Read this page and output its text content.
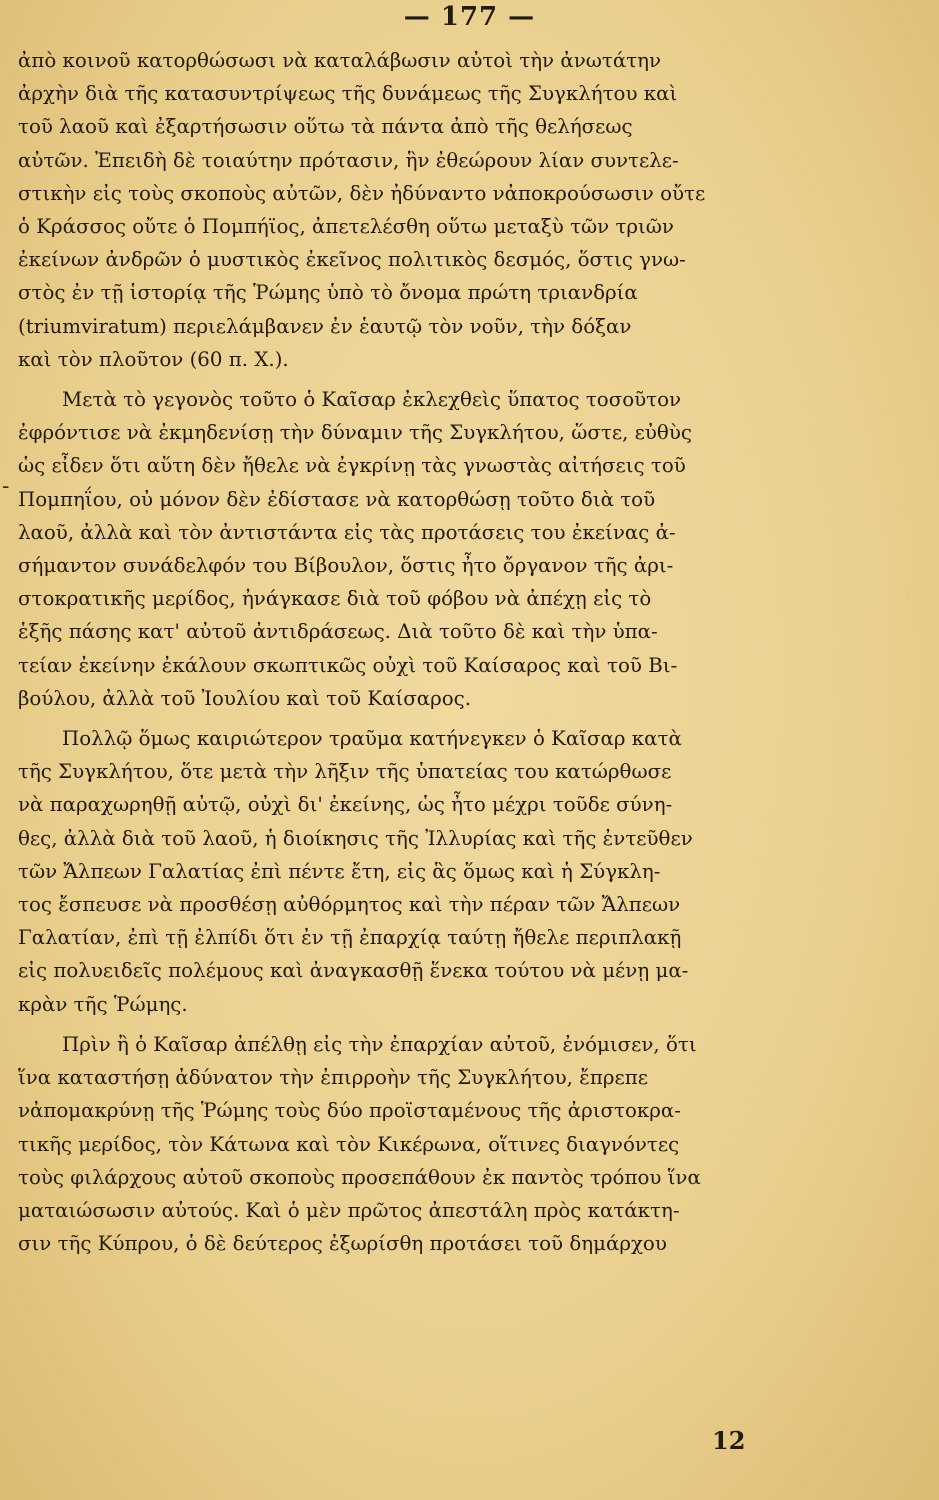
— 177 —
ἀπὸ κοινοῦ κατορθώσωσι νὰ καταλάβωσιν αὐτοὶ τὴν ἀνωτάτην
ἀρχὴν διὰ τῆς κατασυντρίψεως τῆς δυνάμεως τῆς Συγκλήτου καὶ
τοῦ λαοῦ καὶ ἐξαρτήσωσιν οὕτω τὰ πάντα ἀπὸ τῆς θελήσεως
αὐτῶν. Ἐπειδὴ δὲ τοιαύτην πρότασιν, ἣν ἐθεώρουν λίαν συντελε-
στικὴν εἰς τοὺς σκοποὺς αὐτῶν, δὲν ἠδύναντο νἀποκρούσωσιν οὔτε
ὁ Κράσσος οὔτε ὁ Πομπήϊος, ἀπετελέσθη οὕτω μεταξὺ τῶν τριῶν
ἐκείνων ἀνδρῶν ὁ μυστικὸς ἐκεῖνος πολιτικὸς δεσμός, ὅστις γνω-
στὸς ἐν τῇ ἱστορίᾳ τῆς Ῥώμης ὑπὸ τὸ ὄνομα πρώτη τριανδρία
(triumviratum) περιελάμβανεν ἐν ἑαυτῷ τὸν νοῦν, τὴν δόξαν
καὶ τὸν πλοῦτον (60 π. Χ.).
Μετὰ τὸ γεγονὸς τοῦτο ὁ Καῖσαρ ἐκλεχθεὶς ὕπατος τοσοῦτον
ἐφρόντισε νὰ ἐκμηδενίσῃ τὴν δύναμιν τῆς Συγκλήτου, ὥστε, εὐθὺς
ὡς εἶδεν ὅτι αὕτη δὲν ἤθελε νὰ ἐγκρίνῃ τὰς γνωστὰς αἰτήσεις τοῦ
Πομπηΐου, οὐ μόνον δὲν ἐδίστασε νὰ κατορθώσῃ τοῦτο διὰ τοῦ
λαοῦ, ἀλλὰ καὶ τὸν ἀντιστάντα εἰς τὰς προτάσεις του ἐκείνας ἀ-
σήμαντον συνάδελφόν του Βίβουλον, ὅστις ἦτο ὄργανον τῆς ἀρι-
στοκρατικῆς μερίδος, ἠνάγκασε διὰ τοῦ φόβου νὰ ἀπέχῃ εἰς τὸ
ἑξῆς πάσης κατ' αὐτοῦ ἀντιδράσεως. Διὰ τοῦτο δὲ καὶ τὴν ὑπα-
τείαν ἐκείνην ἐκάλουν σκωπτικῶς οὐχὶ τοῦ Καίσαρος καὶ τοῦ Βι-
βούλου, ἀλλὰ τοῦ Ἰουλίου καὶ τοῦ Καίσαρος.
Πολλῷ ὅμως καιριώτερον τραῦμα κατήνεγκεν ὁ Καῖσαρ κατὰ
τῆς Συγκλήτου, ὅτε μετὰ τὴν λῆξιν τῆς ὑπατείας του κατώρθωσε
νὰ παραχωρηθῇ αὐτῷ, οὐχὶ δι' ἐκείνης, ὡς ἦτο μέχρι τοῦδε σύνη-
θες, ἀλλὰ διὰ τοῦ λαοῦ, ἡ διοίκησις τῆς Ἰλλυρίας καὶ τῆς ἐντεῦθεν
τῶν Ἄλπεων Γαλατίας ἐπὶ πέντε ἔτη, εἰς ἃς ὅμως καὶ ἡ Σύγκλη-
τος ἔσπευσε νὰ προσθέσῃ αὐθόρμητος καὶ τὴν πέραν τῶν Ἄλπεων
Γαλατίαν, ἐπὶ τῇ ἐλπίδι ὅτι ἐν τῇ ἐπαρχίᾳ ταύτῃ ἤθελε περιπλακῇ
εἰς πολυειδεῖς πολέμους καὶ ἀναγκασθῇ ἕνεκα τούτου νὰ μένῃ μα-
κρὰν τῆς Ῥώμης.
Πρὶν ἢ ὁ Καῖσαρ ἀπέλθῃ εἰς τὴν ἐπαρχίαν αὐτοῦ, ἐνόμισεν, ὅτι
ἵνα καταστήσῃ ἀδύνατον τὴν ἐπιρροὴν τῆς Συγκλήτου, ἔπρεπε
νἀπομακρύνῃ τῆς Ῥώμης τοὺς δύο προϊσταμένους τῆς ἀριστοκρα-
τικῆς μερίδος, τὸν Κάτωνα καὶ τὸν Κικέρωνα, οἵτινες διαγνόντες
τοὺς φιλάρχους αὐτοῦ σκοποὺς προσεπάθουν ἐκ παντὸς τρόπου ἵνα
ματαιώσωσιν αὐτούς. Καὶ ὁ μὲν πρῶτος ἀπεστάλη πρὸς κατάκτη-
σιν τῆς Κύπρου, ὁ δὲ δεύτερος ἐξωρίσθη προτάσει τοῦ δημάρχου
-
12
